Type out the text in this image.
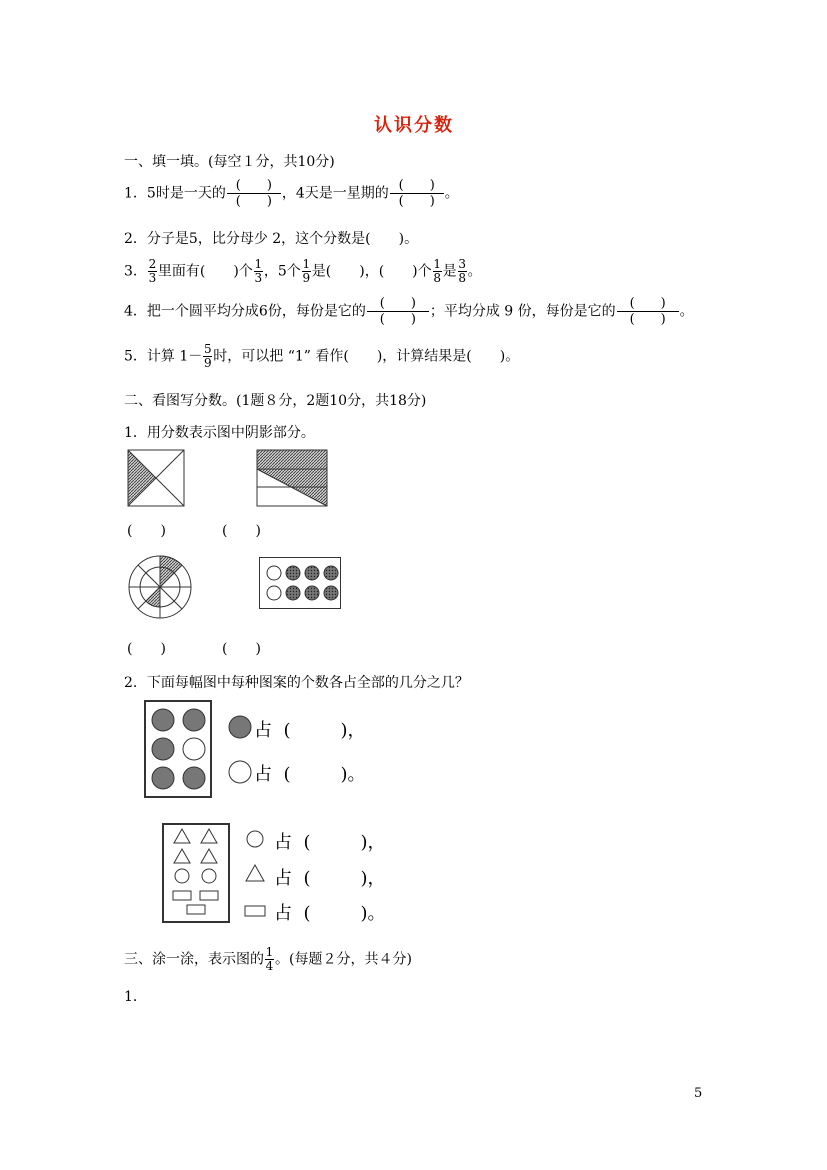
认识分数
一、填一填。(每空１分，共10分)
1．5时是一天的 $\frac{( )}{( )}$ ，4天是一星期的 $\frac{( )}{( )}$ 。
2．分子是5，比分母少 2，这个分数是(　　)。
3． $\frac{2}{3}$ 里面有(　　)个 $\frac{1}{3}$ ，5个 $\frac{1}{9}$ 是(　　)，(　　)个 $\frac{1}{8}$ 是 $\frac{3}{8}$ 。
4．把一个圆平均分成6份，每份是它的 $\frac{( )}{( )}$ ；平均分成 9 份，每份是它的 $\frac{( )}{( )}$ 。
5．计算 $1- \frac{5}{9}$ 时，可以把 “1” 看作(　　)，计算结果是(　　)。
二、看图写分数。(1题８分，2题10分，共18分)
1．用分数表示图中阴影部分。
(　　)	(　　)
(　　)	(　　)
2．下面每幅图中每种图案的个数各占全部的几分之几？
占 (	)，
占 (	)。
占 (	)，
占 (	)，
占 (	)。
三、涂一涂，表示图的 $\frac{1}{4}$ 。(每题２分，共４分)
1．
5
